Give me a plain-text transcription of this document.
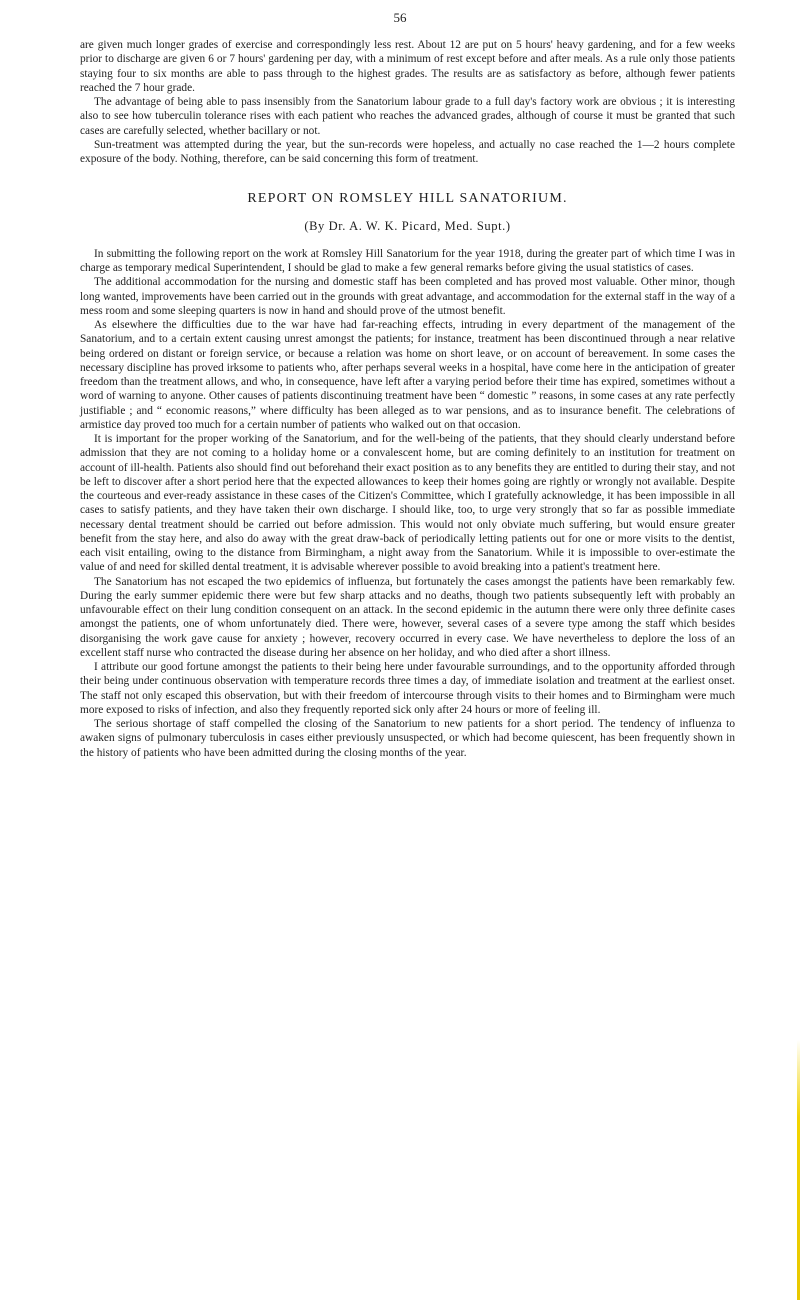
56

are given much longer grades of exercise and correspondingly less rest. About 12 are put on 5 hours' heavy gardening, and for a few weeks prior to discharge are given 6 or 7 hours' gardening per day, with a minimum of rest except before and after meals. As a rule only those patients staying four to six months are able to pass through to the highest grades. The results are as satisfactory as before, although fewer patients reached the 7 hour grade.

The advantage of being able to pass insensibly from the Sanatorium labour grade to a full day's factory work are obvious ; it is interesting also to see how tuberculin tolerance rises with each patient who reaches the advanced grades, although of course it must be granted that such cases are carefully selected, whether bacillary or not.

Sun-treatment was attempted during the year, but the sun-records were hopeless, and actually no case reached the 1—2 hours complete exposure of the body. Nothing, therefore, can be said concerning this form of treatment.

REPORT ON ROMSLEY HILL SANATORIUM.
(By Dr. A. W. K. Picard, Med. Supt.)

In submitting the following report on the work at Romsley Hill Sanatorium for the year 1918, during the greater part of which time I was in charge as temporary medical Superintendent, I should be glad to make a few general remarks before giving the usual statistics of cases.

The additional accommodation for the nursing and domestic staff has been completed and has proved most valuable. Other minor, though long wanted, improvements have been carried out in the grounds with great advantage, and accommodation for the external staff in the way of a mess room and some sleeping quarters is now in hand and should prove of the utmost benefit.

As elsewhere the difficulties due to the war have had far-reaching effects, intruding in every department of the management of the Sanatorium, and to a certain extent causing unrest amongst the patients; for instance, treatment has been discontinued through a near relative being ordered on distant or foreign service, or because a relation was home on short leave, or on account of bereavement. In some cases the necessary discipline has proved irksome to patients who, after perhaps several weeks in a hospital, have come here in the anticipation of greater freedom than the treatment allows, and who, in consequence, have left after a varying period before their time has expired, sometimes without a word of warning to anyone. Other causes of patients discontinuing treatment have been “ domestic ” reasons, in some cases at any rate perfectly justifiable ; and “ economic reasons,” where difficulty has been alleged as to war pensions, and as to insurance benefit. The celebrations of armistice day proved too much for a certain number of patients who walked out on that occasion.

It is important for the proper working of the Sanatorium, and for the well-being of the patients, that they should clearly understand before admission that they are not coming to a holiday home or a convalescent home, but are coming definitely to an institution for treatment on account of ill-health. Patients also should find out beforehand their exact position as to any benefits they are entitled to during their stay, and not be left to discover after a short period here that the expected allowances to keep their homes going are rightly or wrongly not available. Despite the courteous and ever-ready assistance in these cases of the Citizen's Committee, which I gratefully acknowledge, it has been impossible in all cases to satisfy patients, and they have taken their own discharge. I should like, too, to urge very strongly that so far as possible immediate necessary dental treatment should be carried out before admission. This would not only obviate much suffering, but would ensure greater benefit from the stay here, and also do away with the great draw-back of periodically letting patients out for one or more visits to the dentist, each visit entailing, owing to the distance from Birmingham, a night away from the Sanatorium. While it is impossible to over-estimate the value of and need for skilled dental treatment, it is advisable wherever possible to avoid breaking into a patient's treatment here.

The Sanatorium has not escaped the two epidemics of influenza, but fortunately the cases amongst the patients have been remarkably few. During the early summer epidemic there were but few sharp attacks and no deaths, though two patients subsequently left with probably an unfavourable effect on their lung condition consequent on an attack. In the second epidemic in the autumn there were only three definite cases amongst the patients, one of whom unfortunately died. There were, however, several cases of a severe type among the staff which besides disorganising the work gave cause for anxiety ; however, recovery occurred in every case. We have nevertheless to deplore the loss of an excellent staff nurse who contracted the disease during her absence on her holiday, and who died after a short illness.

I attribute our good fortune amongst the patients to their being here under favourable surroundings, and to the opportunity afforded through their being under continuous observation with temperature records three times a day, of immediate isolation and treatment at the earliest onset. The staff not only escaped this observation, but with their freedom of intercourse through visits to their homes and to Birmingham were much more exposed to risks of infection, and also they frequently reported sick only after 24 hours or more of feeling ill.

The serious shortage of staff compelled the closing of the Sanatorium to new patients for a short period. The tendency of influenza to awaken signs of pulmonary tuberculosis in cases either previously unsuspected, or which had become quiescent, has been frequently shown in the history of patients who have been admitted during the closing months of the year.
